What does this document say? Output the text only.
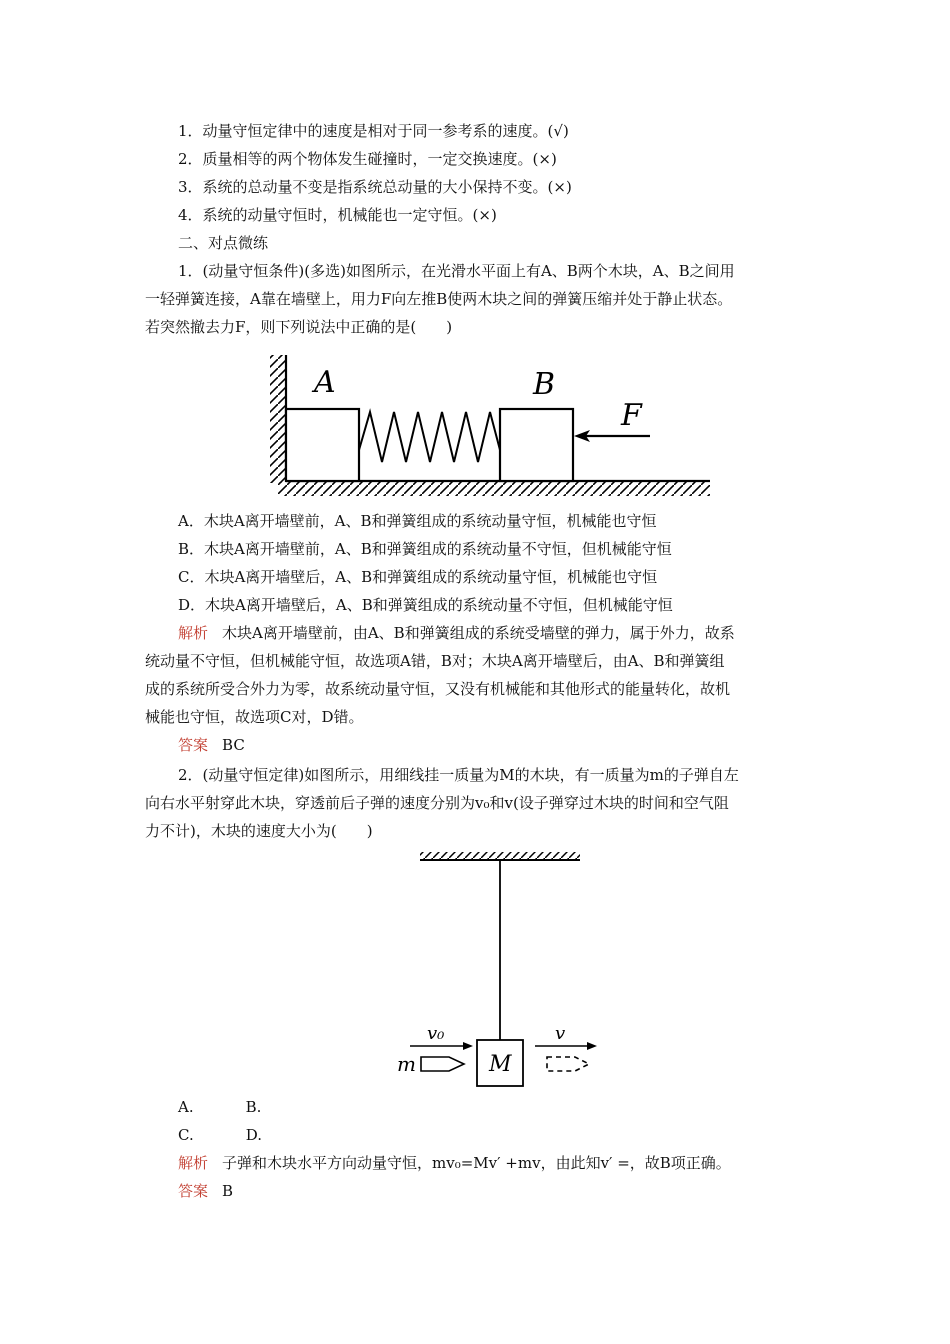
1．动量守恒定律中的速度是相对于同一参考系的速度。(√)
2．质量相等的两个物体发生碰撞时，一定交换速度。(×)
3．系统的总动量不变是指系统总动量的大小保持不变。(×)
4．系统的动量守恒时，机械能也一定守恒。(×)
二、对点微练
1．(动量守恒条件)(多选)如图所示，在光滑水平面上有A、B两个木块，A、B之间用
一轻弹簧连接，A靠在墙壁上，用力F向左推B使两木块之间的弹簧压缩并处于静止状态。
若突然撤去力F，则下列说法中正确的是(　　)
A	B
F
A．木块A离开墙壁前，A、B和弹簧组成的系统动量守恒，机械能也守恒
B．木块A离开墙壁前，A、B和弹簧组成的系统动量不守恒，但机械能守恒
C．木块A离开墙壁后，A、B和弹簧组成的系统动量守恒，机械能也守恒
D．木块A离开墙壁后，A、B和弹簧组成的系统动量不守恒，但机械能守恒
解析 木块A离开墙壁前，由A、B和弹簧组成的系统受墙壁的弹力，属于外力，故系
统动量不守恒，但机械能守恒，故选项A错，B对；木块A离开墙壁后，由A、B和弹簧组
成的系统所受合外力为零，故系统动量守恒，又没有机械能和其他形式的能量转化，故机
械能也守恒，故选项C对，D错。
答案 BC
2．(动量守恒定律)如图所示，用细线挂一质量为M的木块，有一质量为m的子弹自左
向右水平射穿此木块，穿透前后子弹的速度分别为v₀和v(设子弹穿过木块的时间和空气阻
力不计)，木块的速度大小为(　　)
M
m
v₀	v
A.	B.
C.	D.
解析 子弹和木块水平方向动量守恒，mv₀=Mv′ +mv，由此知v′ =，故B项正确。
答案 B
